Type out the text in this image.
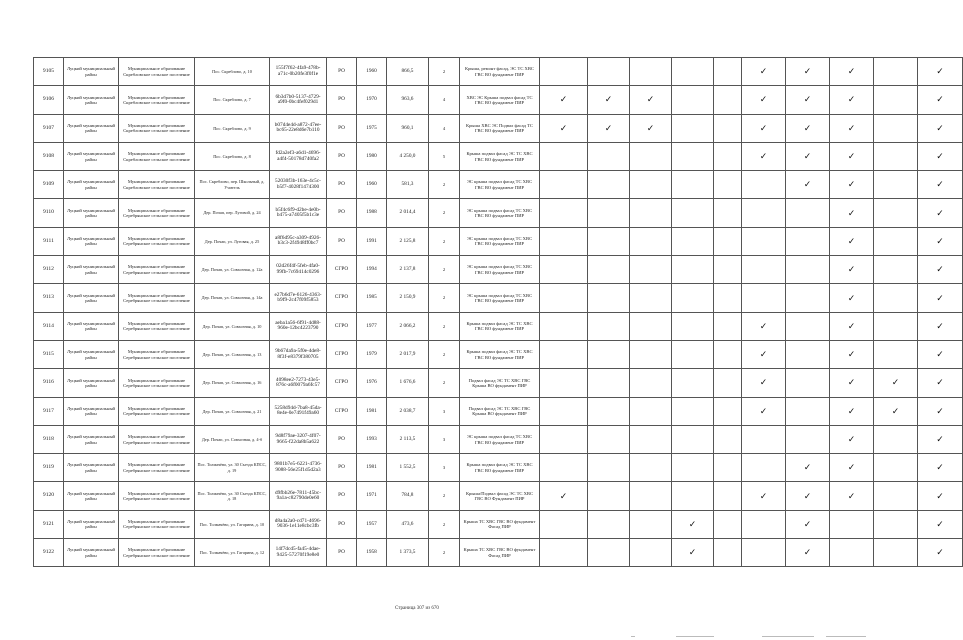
9105	Луцкий муниципальный район	Муниципальное образование Скребловское сельское поселение	Пос. Скреблово, д. 10	155f7f62-4fa9-478b-a71c-0b20fe3f0f1e	РО	1960	866,5	2	Крыша, ремонт фасад, ЭС ТС ХВС ГВС ВО фундамент ПИР						✓	✓	✓		✓
9106	Луцкий муниципальный район	Муниципальное образование Скребловское сельское поселение	Пос. Скреблово, д. 7	6b3d7b0-5137-4729-a9f0-0bc4fef029d1	РО	1970	963,6	4	ХВС ЭС Крыша подвал фасад ТС ГВС ВО фундамент ПИР	✓	✓	✓			✓	✓	✓		✓
9107	Луцкий муниципальный район	Муниципальное образование Скребловское сельское поселение	Пос. Скреблово, д. 9	b07d4e4d-a872-47ee-bc65-22e8d6e7b110	РО	1975	960,1	4	Крыша ХВС ЭС Подвал фасад ТС ГВС ВО фундамент ПИР	✓	✓	✓			✓	✓	✓		✓
9108	Луцкий муниципальный район	Муниципальное образование Скребловское сельское поселение	Пос. Скреблово, д. 8	fd2a2ef3-a6d1-4696-a4f4-50178d740fa2	РО	1980	4 250,0	5	Крыша подвал фасад ЭС ТС ХВС ГВС ВО фундамент ПИР						✓	✓	✓		✓
9109	Луцкий муниципальный район	Муниципальное образование Скребловское сельское поселение	Пос. Скреблово, пер. Школьный, д. Учитель	52030f3b-163e-4c5c-b5f7-4028f1474300	РО	1960	581,3	2	ЭС крыша подвал фасад ТС ХВС ГВС ВО фундамент ПИР							✓	✓		✓
9110	Луцкий муниципальный район	Муниципальное образование Серебрянское сельское поселение	Дер. Почап, пер. Луговой, д. 24	b5f4c6f9-d2be-4e0b-b475-a7405f5b1c3e	РО	1988	2 014,4	2	ЭС крыша подвал фасад ТС ХВС ГВС ВО фундамент ПИР								✓		✓
9111	Луцкий муниципальный район	Муниципальное образование Серебрянское сельское поселение	Дер. Почап, ул. Луговая, д. 25	a8f6d95c-a309-4926-b3c3-2f4948ff0bc7	РО	1991	2 125,8	2	ЭС крыша подвал фасад ТС ХВС ГВС ВО фундамент ПИР								✓		✓
9112	Луцкий муниципальный район	Муниципальное образование Серебрянское сельское поселение	Дер. Почап, ул. Совхозная, д. 12а	02d26f4f-5feb-4fa0-99fb-7c69414c0296	СГРО	1994	2 137,8	2	ЭС крыша подвал фасад ТС ХВС ГВС ВО фундамент ПИР								✓		✓
9113	Луцкий муниципальный район	Муниципальное образование Серебрянское сельское поселение	Дер. Почап, ул. Совхозная, д. 14а	e27b6d7e-6126-4363-b9f9-2c47f09f5853	СГРО	1985	2 150,9	2	ЭС крыша подвал фасад ТС ХВС ГВС ВО фундамент ПИР								✓		✓
9114	Луцкий муниципальный район	Муниципальное образование Серебрянское сельское поселение	Дер. Почап, ул. Совхозная, д. 10	aeba1a56-6f91-4d88-960e-12bc4223790	СГРО	1977	2 066,2	2	Крыша подвал фасад ЭС ТС ХВС ГВС ВО фундамент ПИР						✓		✓		✓
9115	Луцкий муниципальный район	Муниципальное образование Серебрянское сельское поселение	Дер. Почап, ул. Совхозная, д. 13	9b67da9a-5f0e-4de8-8f3f-e8379f380705	СГРО	1979	2 017,9	2	Крыша подвал фасад ЭС ТС ХВС ГВС ВО фундамент ПИР						✓		✓		✓
9116	Луцкий муниципальный район	Муниципальное образование Серебрянское сельское поселение	Дер. Почап, ул. Совхозная, д. 16	4098ee2-7273-43e5-876c-a6f0079a6fc57	СГРО	1976	1 676,6	2	Подвал фасад ЭС ТС ХВС ГВС Крыша ВО фундамент ПИР						✓		✓	✓	✓
9117	Луцкий муниципальный район	Муниципальное образование Серебрянское сельское поселение	Дер. Почап, ул. Совхозная, д. 21	5258d94d-7ba8-45da-8e4e-0e7491f49a60	СГРО	1981	2 038,7	3	Подвал фасад ЭС ТС ХВС ГВС Крыша ВО фундамент ПИР						✓		✓	✓	✓
9118	Луцкий муниципальный район	Муниципальное образование Серебрянское сельское поселение	Дер. Почап, ул. Совхозная, д. 4-б	9d8f79ae-3207-4f07-9665-f22da8b5a622	РО	1993	2 113,5	3	ЭС крыша подвал фасад ТС ХВС ГВС ВО фундамент ПИР								✓		✓
9119	Луцкий муниципальный район	Муниципальное образование Серебрянское сельское поселение	Пос. Толмачёво, ул. 30 Съезда КПСС, д. 19	9801b7e5-6221-4736-9088-56e25f1d5d2a3	РО	1981	1 552,5	3	Крыша подвал фасад ЭС ТС ХВС ГВС ВО фундамент ПИР							✓	✓		✓
9120	Луцкий муниципальный район	Муниципальное образование Серебрянское сельское поселение	Пос. Толмачёво, ул. 30 Съезда КПСС, д. 18	d9fbb26e-7811-45bc-9a1a-c82790de0e60	РО	1971	784,8	2	Крыша/Подвал фасад ЭС ТС ХВС ГВС ВО Фундамент ПИР	✓					✓	✓	✓		✓
9121	Луцкий муниципальный район	Муниципальное образование Серебрянское сельское поселение	Пос. Толмачёво, ул. Гагарина, д. 10	d8a4a2a0-cd71-4696-9036-1e11e8cbc3fb	РО	1957	473,6	2	Крыша ТС ХВС ГВС ВО фундамент Фасад ПИР				✓			✓			✓
9122	Луцкий муниципальный район	Муниципальное образование Серебрянское сельское поселение	Пос. Толмачёво, ул. Гагарина, д. 12	14f7dcd5-fa45-4dae-9425-57270f19e8e0	РО	1958	1 373,5	2	Крыша ТС ХВС ГВС ВО фундамент Фасад ПИР				✓			✓			✓
Страница 307 из 670
